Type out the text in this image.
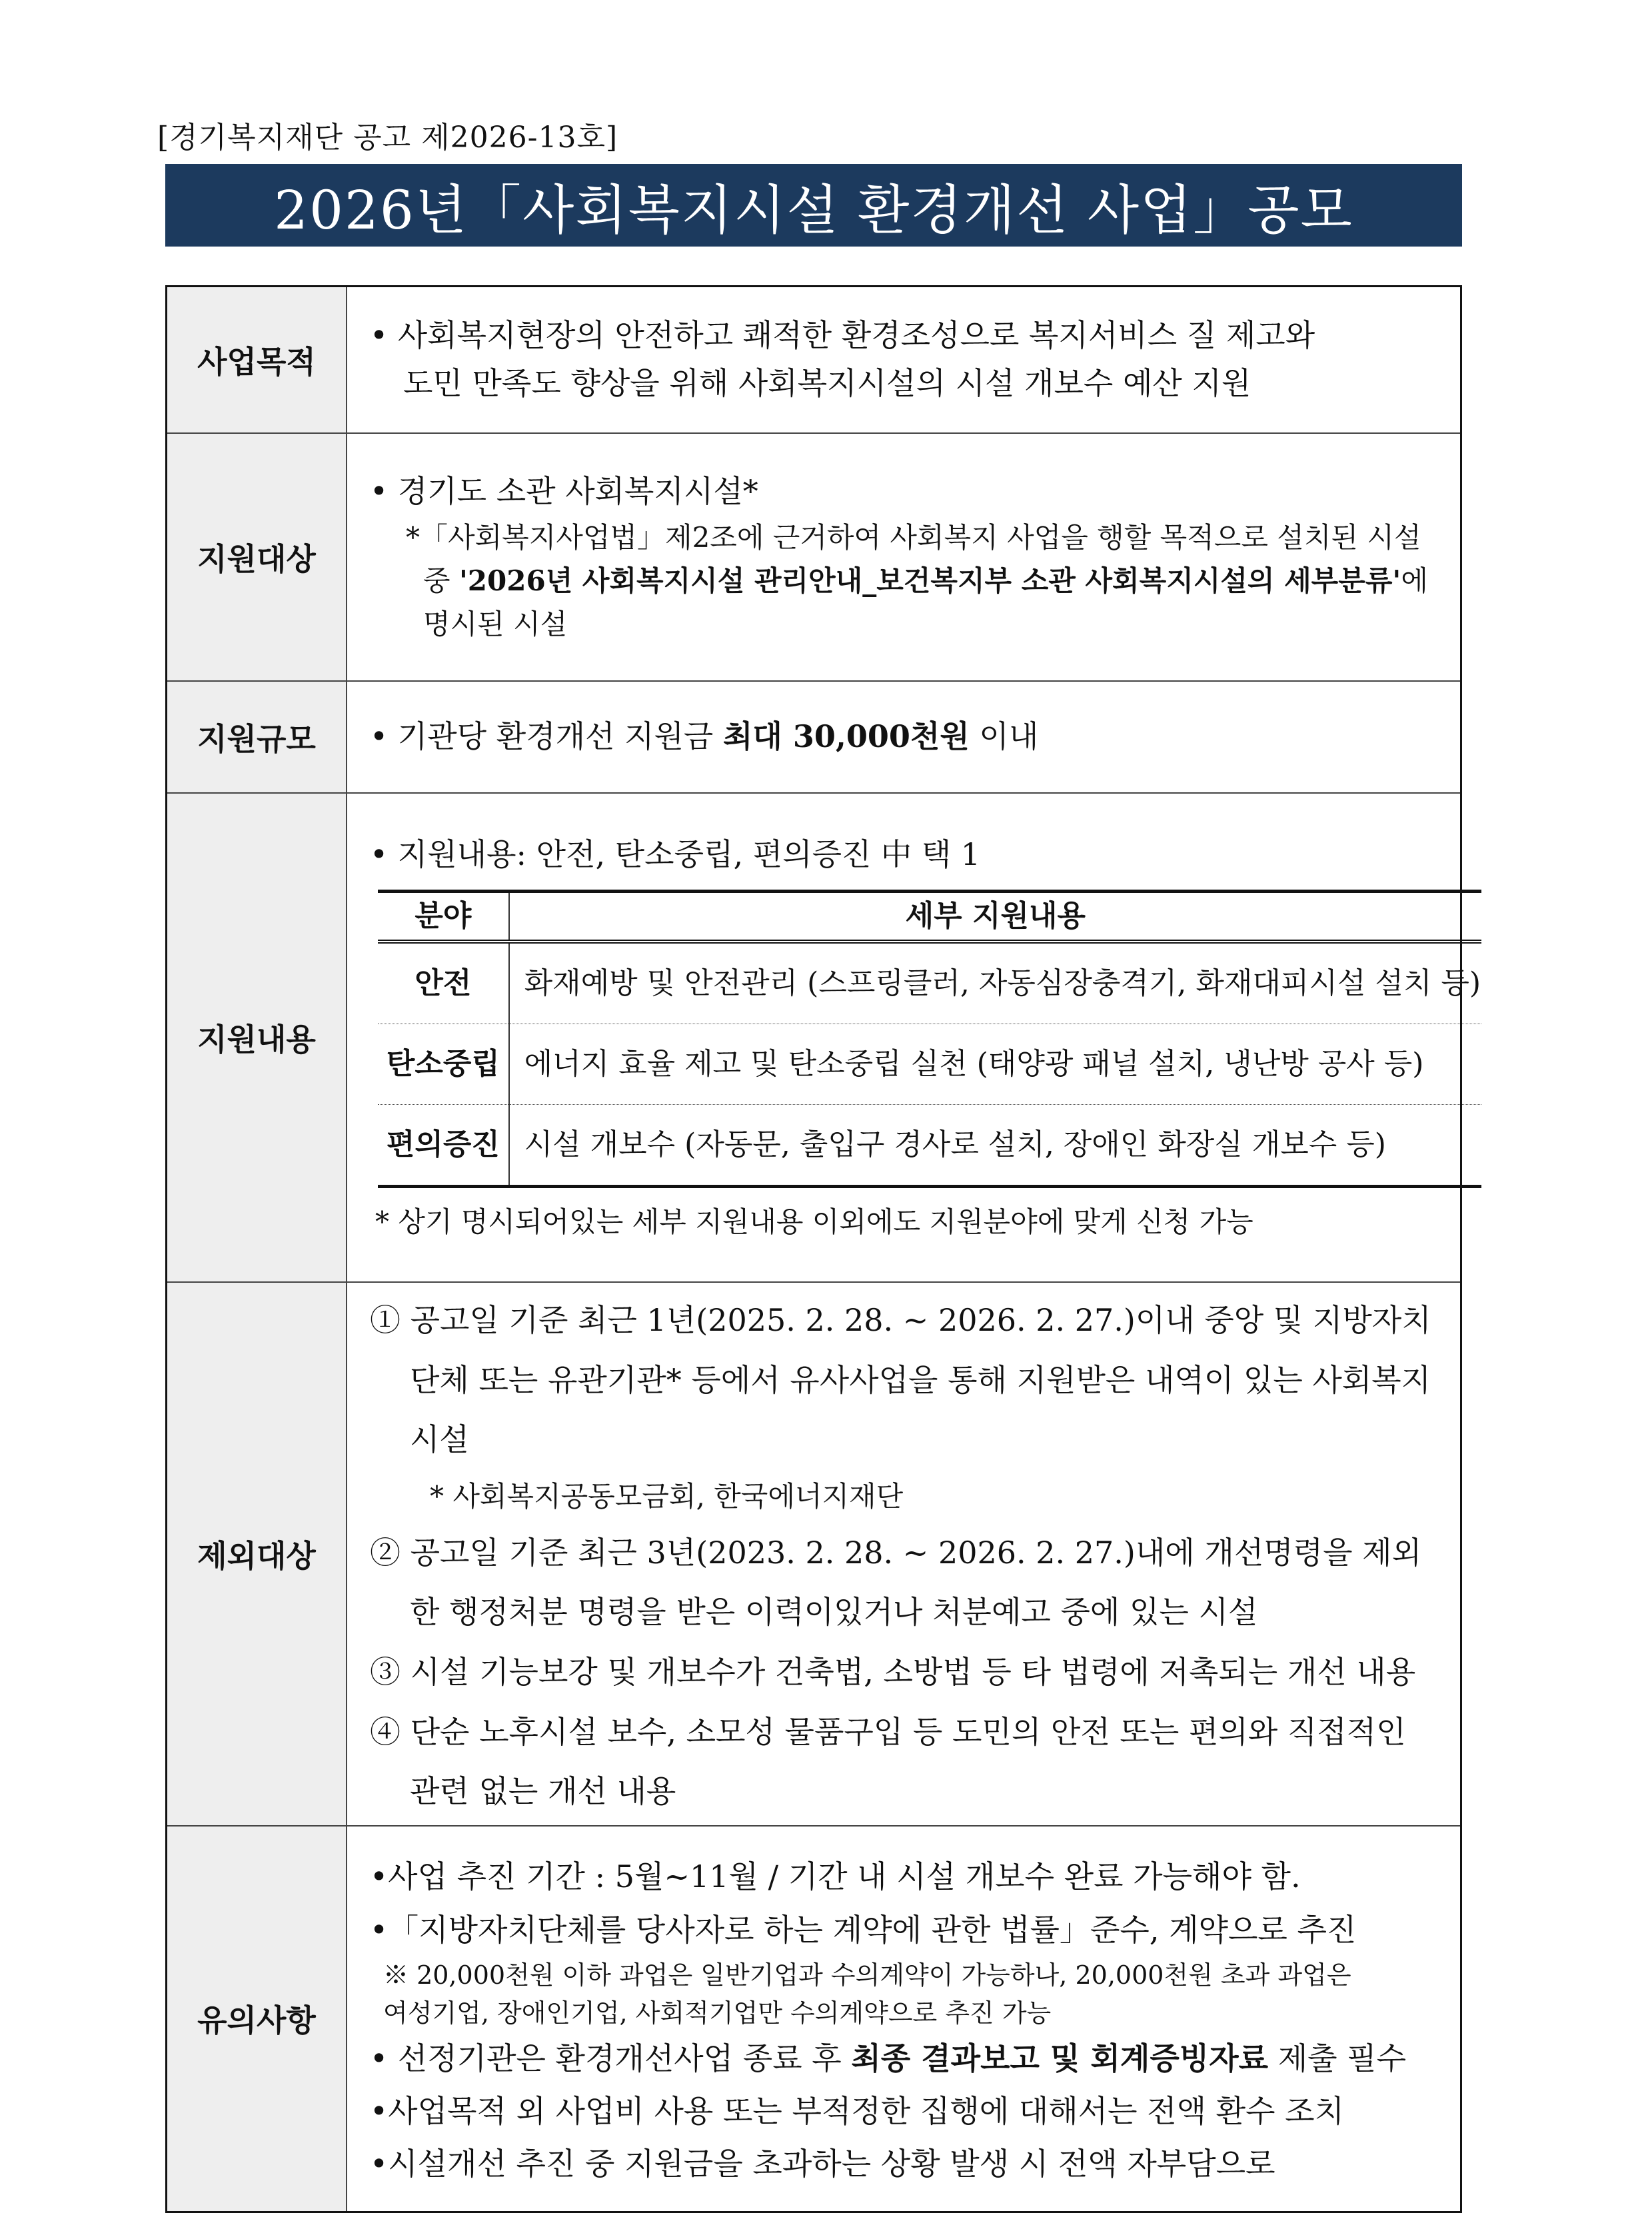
[경기복지재단 공고 제2026-13호]
2026년「사회복지시설 환경개선 사업」공모
사업목적	
• 사회복지현장의 안전하고 쾌적한 환경조성으로 복지서비스 질 제고와
도민 만족도 향상을 위해 사회복지시설의 시설 개보수 예산 지원

지원대상	
• 경기도 소관 사회복지시설*
*「사회복지사업법」제2조에 근거하여 사회복지 사업을 행할 목적으로 설치된 시설
중 '2026년 사회복지시설 관리안내_보건복지부 소관 사회복지시설의 세부분류'에
명시된 시설

지원규모	
•기관당 환경개선 지원금 최대 30,000천원 이내

지원내용	
• 지원내용: 안전, 탄소중립, 편의증진 中 택 1
분야	세부 지원내용
안전	화재예방 및 안전관리 (스프링클러, 자동심장충격기, 화재대피시설 설치 등)
탄소중립	에너지 효율 제고 및 탄소중립 실천 (태양광 패널 설치, 냉난방 공사 등)
편의증진	시설 개보수 (자동문, 출입구 경사로 설치, 장애인 화장실 개보수 등)
* 상기 명시되어있는 세부 지원내용 이외에도 지원분야에 맞게 신청 가능

제외대상	
① 공고일 기준 최근 1년(2025. 2. 28. ~ 2026. 2. 27.)이내 중앙 및 지방자치단체 또는 유관기관* 등에서 유사사업을 통해 지원받은 내역이 있는 사회복지시설
* 사회복지공동모금회, 한국에너지재단
② 공고일 기준 최근 3년(2023. 2. 28. ~ 2026. 2. 27.)내에 개선명령을 제외한 행정처분 명령을 받은 이력이있거나 처분예고 중에 있는 시설
③ 시설 기능보강 및 개보수가 건축법, 소방법 등 타 법령에 저촉되는 개선 내용
④ 단순 노후시설 보수, 소모성 물품구입 등 도민의 안전 또는 편의와 직접적인 관련 없는 개선 내용

유의사항	
•사업 추진 기간 : 5월~11월 / 기간 내 시설 개보수 완료 가능해야 함.
•「지방자치단체를 당사자로 하는 계약에 관한 법률」준수, 계약으로 추진
※ 20,000천원 이하 과업은 일반기업과 수의계약이 가능하나, 20,000천원 초과 과업은
여성기업, 장애인기업, 사회적기업만 수의계약으로 추진 가능
• 선정기관은 환경개선사업 종료 후 최종 결과보고 및 회계증빙자료 제출 필수
•사업목적 외 사업비 사용 또는 부적정한 집행에 대해서는 전액 환수 조치
•시설개선 추진 중 지원금을 초과하는 상황 발생 시 전액 자부담으로
